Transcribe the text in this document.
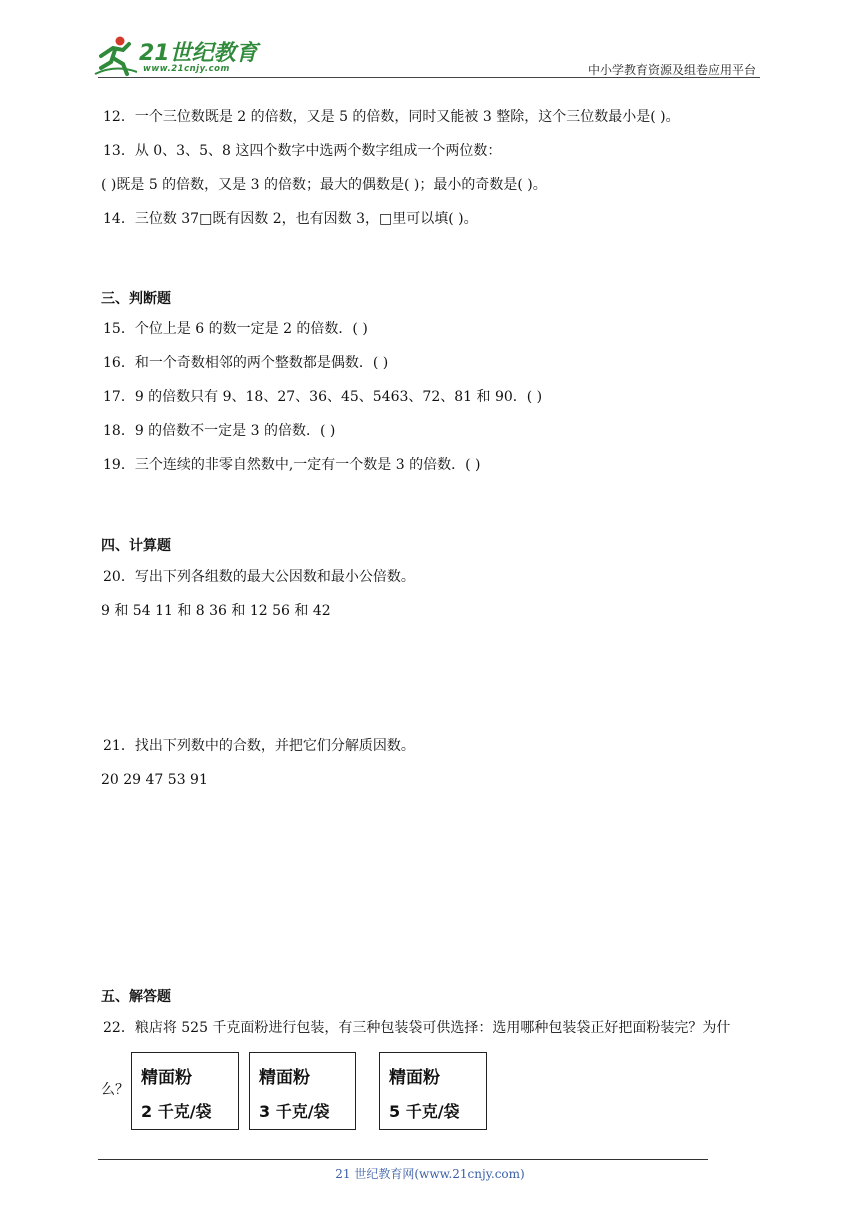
21世纪教育
www.21cnjy.com	中小学教育资源及组卷应用平台
12．一个三位数既是 2 的倍数，又是 5 的倍数，同时又能被 3 整除，这个三位数最小是( )。
13．从 0、3、5、8 这四个数字中选两个数字组成一个两位数：
( )既是 5 的倍数，又是 3 的倍数；最大的偶数是( )；最小的奇数是( )。
14．三位数 37□既有因数 2，也有因数 3，□里可以填( )。
三、判断题
15．个位上是 6 的数一定是 2 的倍数．( )
16．和一个奇数相邻的两个整数都是偶数．( )
17．9 的倍数只有 9、18、27、36、45、5463、72、81 和 90．( )
18．9 的倍数不一定是 3 的倍数．( )
19．三个连续的非零自然数中,一定有一个数是 3 的倍数．( )
四、计算题
20．写出下列各组数的最大公因数和最小公倍数。
9 和 54 11 和 8 36 和 12 56 和 42
21．找出下列数中的合数，并把它们分解质因数。
20 29 47 53 91
五、解答题
22．粮店将 525 千克面粉进行包装，有三种包装袋可供选择：选用哪种包装袋正好把面粉装完？为什
么？
精面粉
2 千克/袋
精面粉
3 千克/袋
精面粉
5 千克/袋
21 世纪教育网(www.21cnjy.com)
